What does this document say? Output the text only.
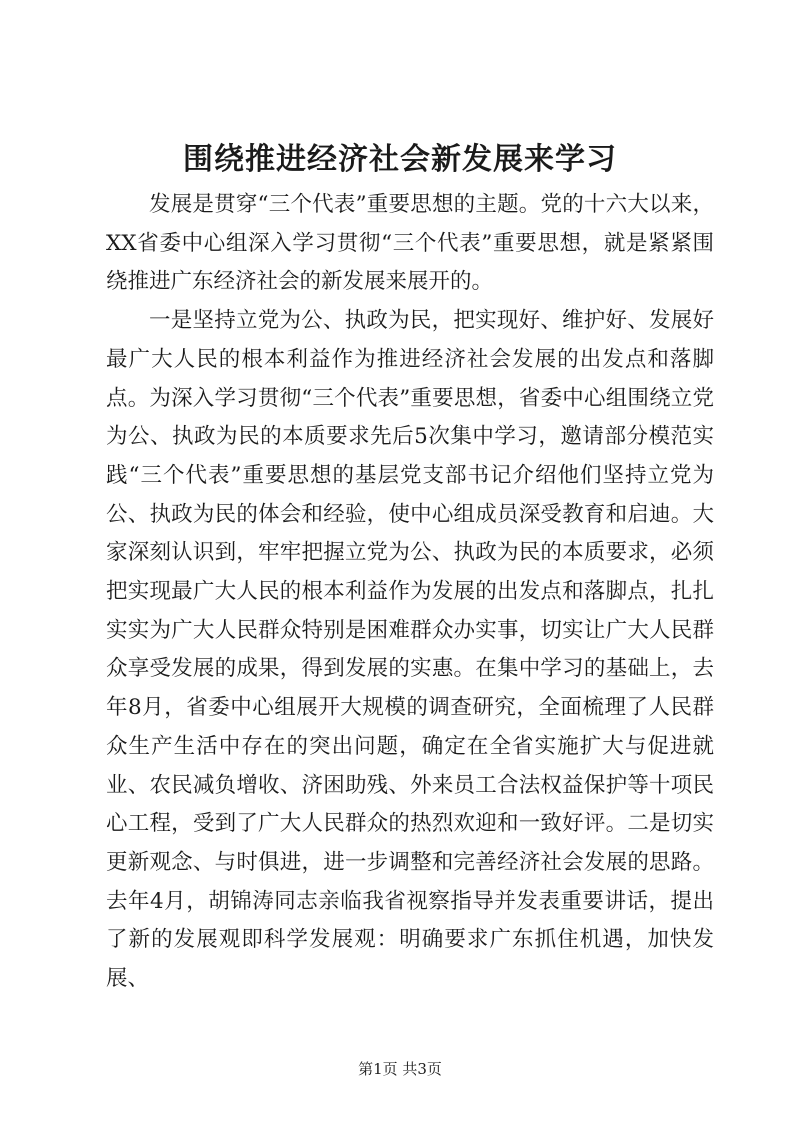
围绕推进经济社会新发展来学习

发展是贯穿“三个代表”重要思想的主题。党的十六大以来，XX省委中心组深入学习贯彻“三个代表”重要思想，就是紧紧围绕推进广东经济社会的新发展来展开的。

一是坚持立党为公、执政为民，把实现好、维护好、发展好最广大人民的根本利益作为推进经济社会发展的出发点和落脚点。为深入学习贯彻“三个代表”重要思想，省委中心组围绕立党为公、执政为民的本质要求先后5次集中学习，邀请部分模范实践“三个代表”重要思想的基层党支部书记介绍他们坚持立党为公、执政为民的体会和经验，使中心组成员深受教育和启迪。大家深刻认识到，牢牢把握立党为公、执政为民的本质要求，必须把实现最广大人民的根本利益作为发展的出发点和落脚点，扎扎实实为广大人民群众特别是困难群众办实事，切实让广大人民群众享受发展的成果，得到发展的实惠。在集中学习的基础上，去年8月，省委中心组展开大规模的调查研究，全面梳理了人民群众生产生活中存在的突出问题，确定在全省实施扩大与促进就业、农民减负增收、济困助残、外来员工合法权益保护等十项民心工程，受到了广大人民群众的热烈欢迎和一致好评。二是切实更新观念、与时俱进，进一步调整和完善经济社会发展的思路。去年4月，胡锦涛同志亲临我省视察指导并发表重要讲话，提出了新的发展观即科学发展观：明确要求广东抓住机遇，加快发展、

第1页 共3页
